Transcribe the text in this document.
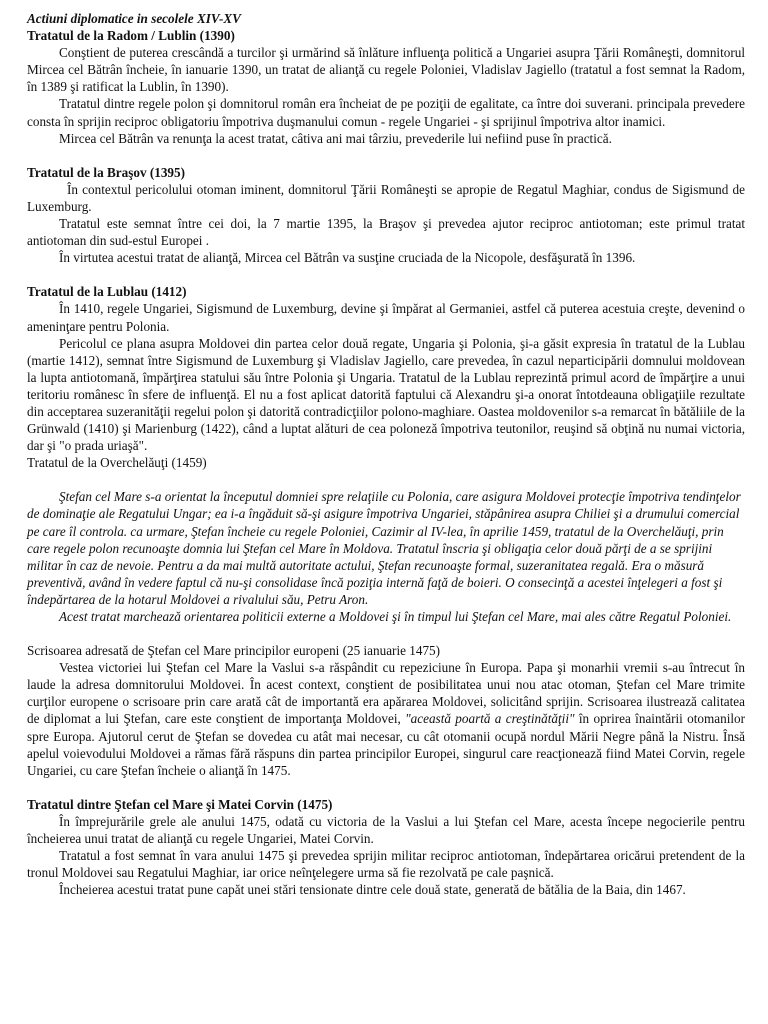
Actiuni diplomatice in secolele XIV-XV

Tratatul de la Radom / Lublin (1390)

Conştient de puterea crescândă a turcilor şi urmărind să înlăture influenţa politică a Ungariei asupra Ţării Româneşti, domnitorul Mircea cel Bătrân încheie, în ianuarie 1390, un tratat de alianţă cu regele Poloniei, Vladislav Jagiello (tratatul a fost semnat la Radom, în 1389 şi ratificat la Lublin, în 1390).

Tratatul dintre regele polon şi domnitorul român era încheiat de pe poziţii de egalitate, ca între doi suverani. principala prevedere consta în sprijin reciproc obligatoriu împotriva duşmanului comun - regele Ungariei - şi sprijinul împotriva altor inamici.

Mircea cel Bătrân va renunţa la acest tratat, câtiva ani mai târziu, prevederile lui nefiind puse în practică.

Tratatul de la Braşov (1395)

În contextul pericolului otoman iminent, domnitorul Ţării Româneşti se apropie de Regatul Maghiar, condus de Sigismund de Luxemburg.

Tratatul este semnat între cei doi, la 7 martie 1395, la Braşov şi prevedea ajutor reciproc antiotoman; este primul tratat antiotoman din sud-estul Europei .

În virtutea acestui tratat de alianţă, Mircea cel Bătrân va susţine cruciada de la Nicopole, desfăşurată în 1396.

Tratatul de la Lublau (1412)

În 1410, regele Ungariei, Sigismund de Luxemburg, devine şi împărat al Germaniei, astfel că puterea acestuia creşte, devenind o ameninţare pentru Polonia.

Pericolul ce plana asupra Moldovei din partea celor două regate, Ungaria şi Polonia, şi-a găsit expresia în tratatul de la Lublau (martie 1412), semnat între Sigismund de Luxemburg şi Vladislav Jagiello, care prevedea, în cazul neparticipării domnului moldovean la lupta antiotomană, împărţirea statului său între Polonia şi Ungaria. Tratatul de la Lublau reprezintă primul acord de împărţire a unui teritoriu românesc în sfere de influenţă. El nu a fost aplicat datorită faptului că Alexandru şi-a onorat întotdeauna obligaţiile rezultate din acceptarea suzeranităţii regelui polon şi datorită contradicţiilor polono-maghiare. Oastea moldovenilor s-a remarcat în bătăliile de la Grünwald (1410) şi Marienburg (1422), când a luptat alături de cea poloneză împotriva teutonilor, reuşind să obţină nu numai victoria, dar şi "o prada uriaşă".

Tratatul de la Overchelăuţi (1459)

Ştefan cel Mare s-a orientat la începutul domniei spre relaţiile cu Polonia, care asigura Moldovei protecţie împotriva tendinţelor de dominaţie ale Regatului Ungar; ea i-a îngăduit să-şi asigure împotriva Ungariei, stăpânirea asupra Chiliei şi a drumului comercial pe care îl controla. ca urmare, Ştefan încheie cu regele Poloniei, Cazimir al IV-lea, în aprilie 1459, tratatul de la Overchelăuţi, prin care regele polon recunoaşte domnia lui Ştefan cel Mare în Moldova. Tratatul înscria şi obligaţia celor două părţi de a se sprijini militar în caz de nevoie. Pentru a da mai multă autoritate actului, Ştefan recunoaşte formal, suzeranitatea regală. Era o măsură preventivă, având în vedere faptul că nu-şi consolidase încă poziţia internă faţă de boieri. O consecinţă a acestei înţelegeri a fost şi îndepărtarea de la hotarul Moldovei a rivalului său, Petru Aron.

Acest tratat marchează orientarea politicii externe a Moldovei şi în timpul lui Ştefan cel Mare, mai ales către Regatul Poloniei.

Scrisoarea adresată de Ştefan cel Mare principilor europeni (25 ianuarie 1475)

Vestea victoriei lui Ştefan cel Mare la Vaslui s-a răspândit cu repeziciune în Europa. Papa şi monarhii vremii s-au întrecut în laude la adresa domnitorului Moldovei. În acest context, conştient de posibilitatea unui nou atac otoman, Ştefan cel Mare trimite curţilor europene o scrisoare prin care arată cât de importantă era apărarea Moldovei, solicitând sprijin. Scrisoarea ilustrează calitatea de diplomat a lui Ştefan, care este conştient de importanţa Moldovei, "această poartă a creştinătăţii" în oprirea înaintării otomanilor spre Europa. Ajutorul cerut de Ştefan se dovedea cu atât mai necesar, cu cât otomanii ocupă nordul Mării Negre până la Nistru. Însă apelul voievodului Moldovei a rămas fără răspuns din partea principilor Europei, singurul care reacţionează fiind Matei Corvin, regele Ungariei, cu care Ştefan încheie o alianţă în 1475.

Tratatul dintre Ştefan cel Mare şi Matei Corvin (1475)

În împrejurările grele ale anului 1475, odată cu victoria de la Vaslui a lui Ştefan cel Mare, acesta începe negocierile pentru încheierea unui tratat de alianţă cu regele Ungariei, Matei Corvin.

Tratatul a fost semnat în vara anului 1475 şi prevedea sprijin militar reciproc antiotoman, îndepărtarea oricărui pretendent de la tronul Moldovei sau Regatului Maghiar, iar orice neînţelegere urma să fie rezolvată pe cale paşnică.

Încheierea acestui tratat pune capăt unei stări tensionate dintre cele două state, generată de bătălia de la Baia, din 1467.
